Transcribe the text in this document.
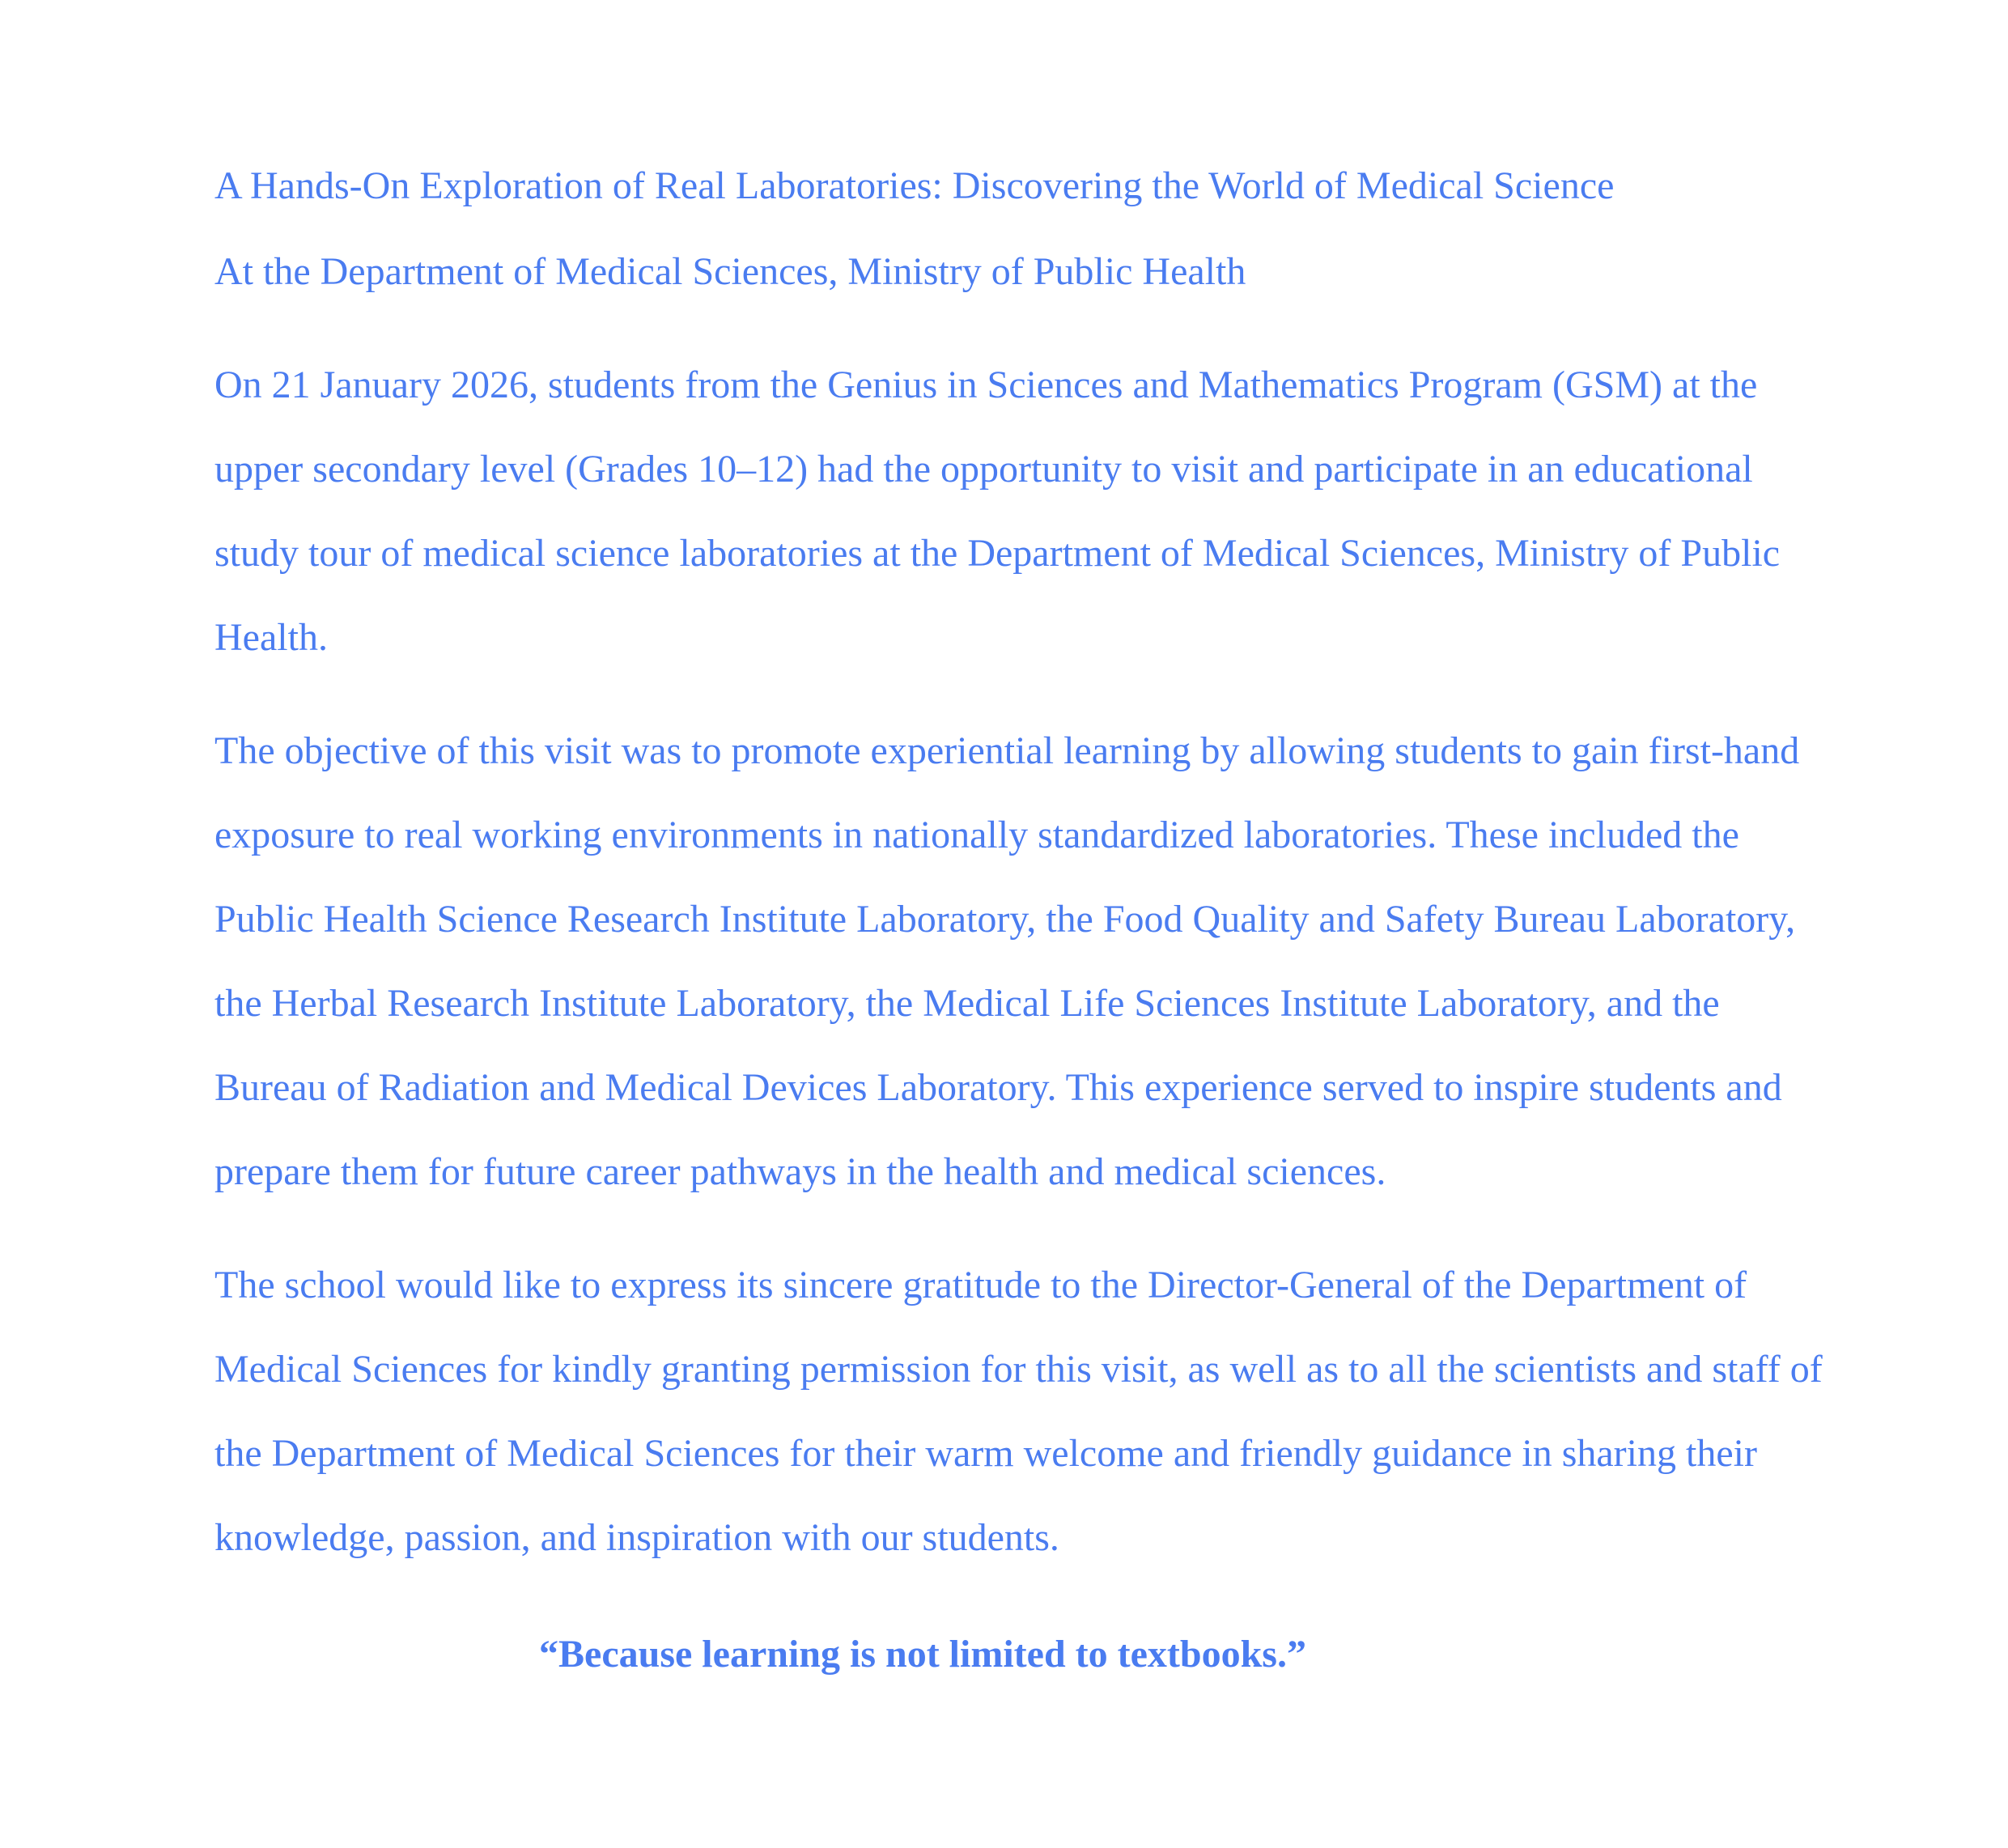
A Hands-On Exploration of Real Laboratories: Discovering the World of Medical Science
At the Department of Medical Sciences, Ministry of Public Health

On 21 January 2026, students from the Genius in Sciences and Mathematics Program (GSM) at the upper secondary level (Grades 10–12) had the opportunity to visit and participate in an educational study tour of medical science laboratories at the Department of Medical Sciences, Ministry of Public Health.

The objective of this visit was to promote experiential learning by allowing students to gain first-hand exposure to real working environments in nationally standardized laboratories. These included the Public Health Science Research Institute Laboratory, the Food Quality and Safety Bureau Laboratory, the Herbal Research Institute Laboratory, the Medical Life Sciences Institute Laboratory, and the Bureau of Radiation and Medical Devices Laboratory. This experience served to inspire students and prepare them for future career pathways in the health and medical sciences.

The school would like to express its sincere gratitude to the Director-General of the Department of Medical Sciences for kindly granting permission for this visit, as well as to all the scientists and staff of the Department of Medical Sciences for their warm welcome and friendly guidance in sharing their knowledge, passion, and inspiration with our students.

“Because learning is not limited to textbooks.”
